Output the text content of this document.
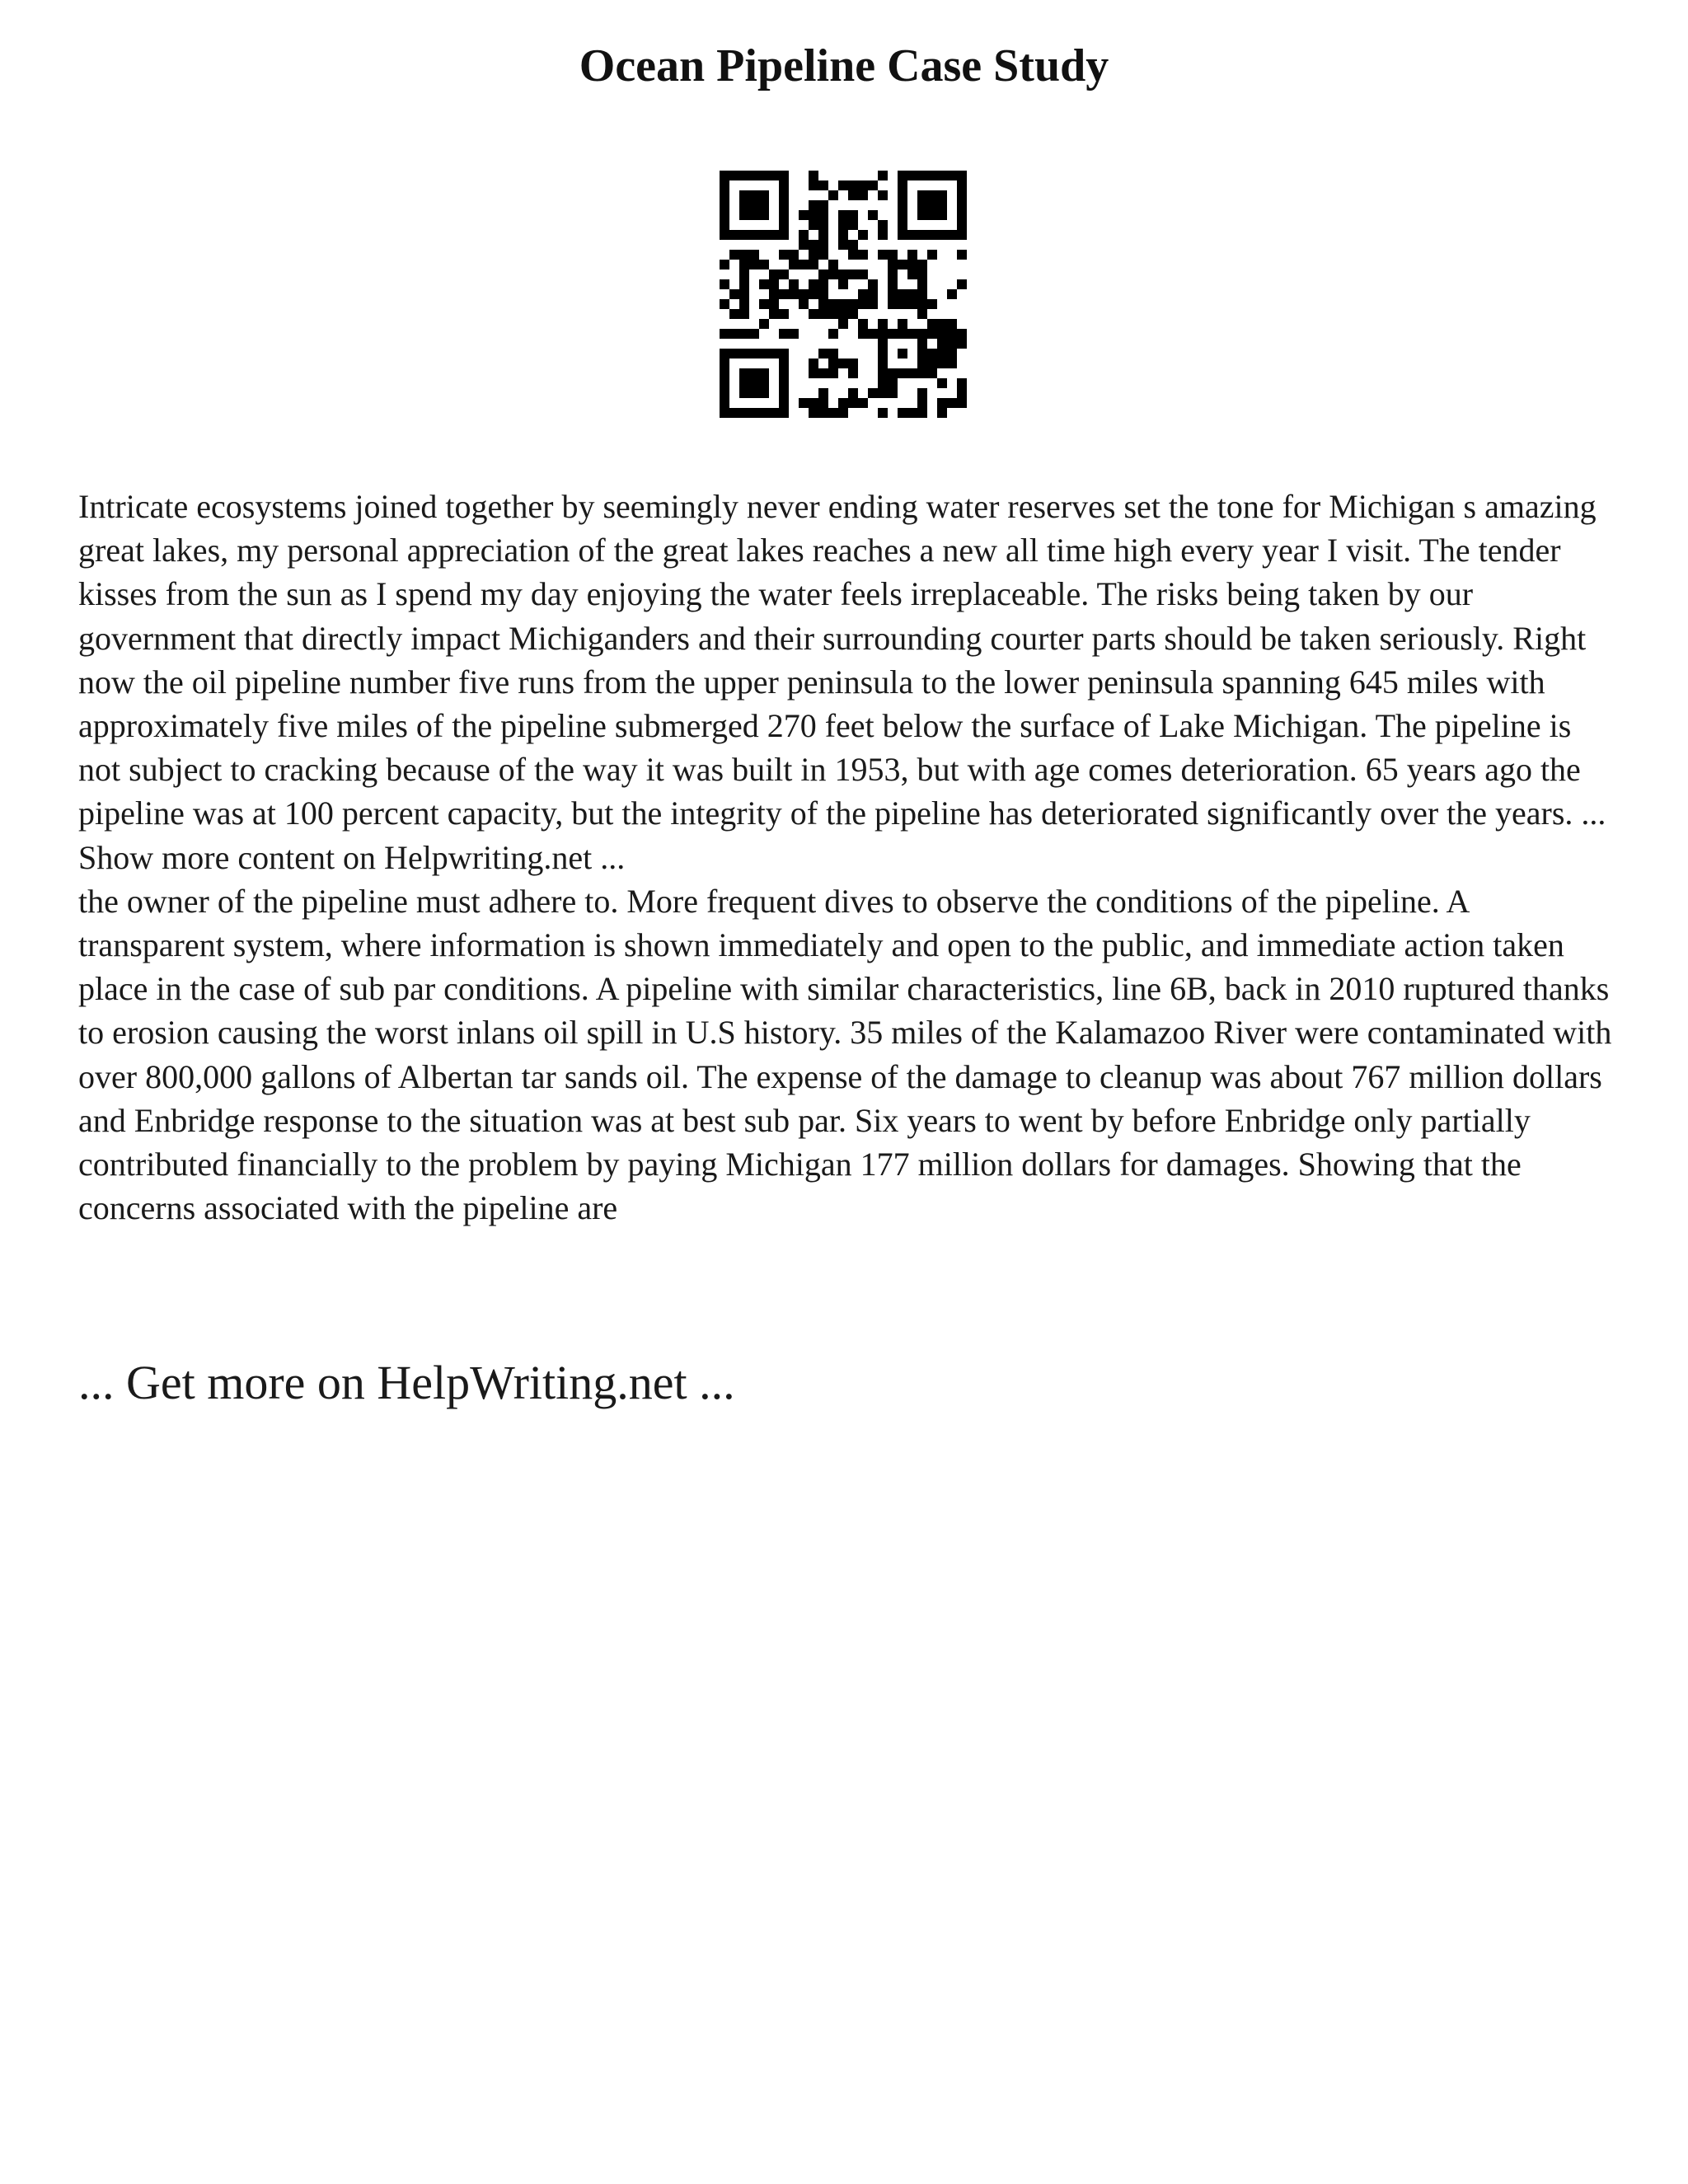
Ocean Pipeline Case Study

Intricate ecosystems joined together by seemingly never ending water reserves set the tone for Michigan s amazing great lakes, my personal appreciation of the great lakes reaches a new all time high every year I visit. The tender kisses from the sun as I spend my day enjoying the water feels irreplaceable. The risks being taken by our government that directly impact Michiganders and their surrounding courter parts should be taken seriously. Right now the oil pipeline number five runs from the upper peninsula to the lower peninsula spanning 645 miles with approximately five miles of the pipeline submerged 270 feet below the surface of Lake Michigan. The pipeline is not subject to cracking because of the way it was built in 1953, but with age comes deterioration. 65 years ago the pipeline was at 100 percent capacity, but the integrity of the pipeline has deteriorated significantly over the years. ... Show more content on Helpwriting.net ...

the owner of the pipeline must adhere to. More frequent dives to observe the conditions of the pipeline. A transparent system, where information is shown immediately and open to the public, and immediate action taken place in the case of sub par conditions. A pipeline with similar characteristics, line 6B, back in 2010 ruptured thanks to erosion causing the worst inlans oil spill in U.S history. 35 miles of the Kalamazoo River were contaminated with over 800,000 gallons of Albertan tar sands oil. The expense of the damage to cleanup was about 767 million dollars and Enbridge response to the situation was at best sub par. Six years to went by before Enbridge only partially contributed financially to the problem by paying Michigan 177 million dollars for damages. Showing that the concerns associated with the pipeline are

... Get more on HelpWriting.net ...
